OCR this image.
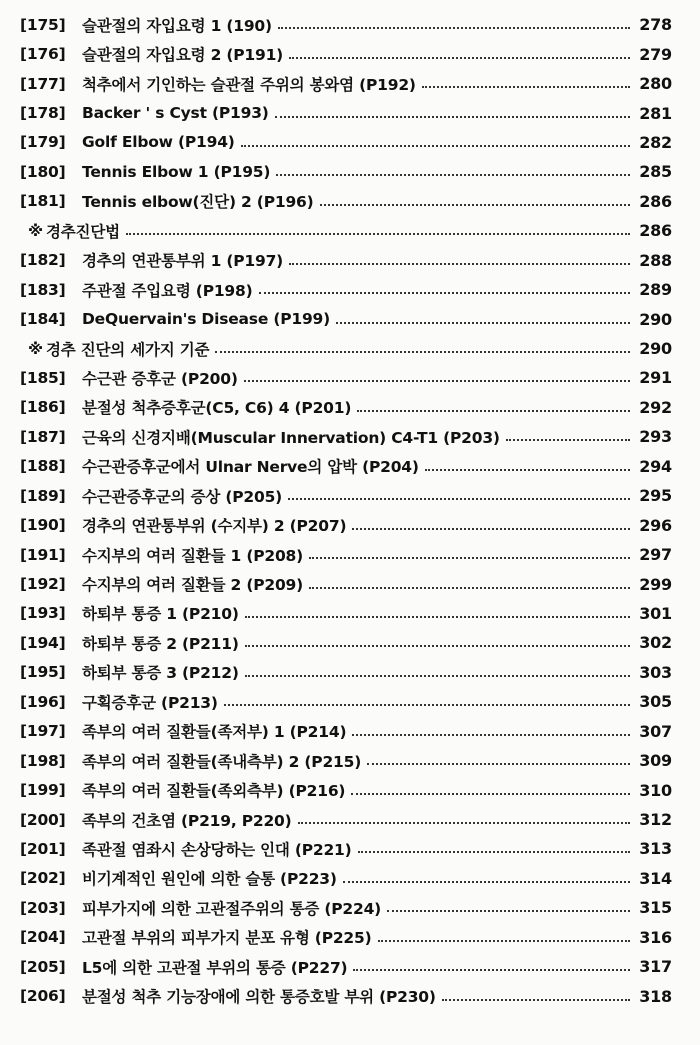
[175]	슬관절의 자입요령 1 (190)	278
[176]	슬관절의 자입요령 2 (P191)	279
[177]	척추에서 기인하는 슬관절 주위의 봉와염 (P192)	280
[178]	Backer ' s Cyst (P193)	281
[179]	Golf Elbow (P194)	282
[180]	Tennis Elbow 1 (P195)	285
[181]	Tennis elbow(진단) 2 (P196)	286
※ 경추진단법	286
[182]	경추의 연관통부위 1 (P197)	288
[183]	주관절 주입요령 (P198)	289
[184]	DeQuervain's Disease (P199)	290
※ 경추 진단의 세가지 기준	290
[185]	수근관 증후군 (P200)	291
[186]	분절성 척추증후군(C5, C6) 4 (P201)	292
[187]	근육의 신경지배(Muscular Innervation) C4-T1 (P203)	293
[188]	수근관증후군에서 Ulnar Nerve의 압박 (P204)	294
[189]	수근관증후군의 증상 (P205)	295
[190]	경추의 연관통부위 (수지부) 2 (P207)	296
[191]	수지부의 여러 질환들 1 (P208)	297
[192]	수지부의 여러 질환들 2 (P209)	299
[193]	하퇴부 통증 1 (P210)	301
[194]	하퇴부 통증 2 (P211)	302
[195]	하퇴부 통증 3 (P212)	303
[196]	구획증후군 (P213)	305
[197]	족부의 여러 질환들(족저부) 1 (P214)	307
[198]	족부의 여러 질환들(족내측부) 2 (P215)	309
[199]	족부의 여러 질환들(족외측부) (P216)	310
[200]	족부의 건초염 (P219, P220)	312
[201]	족관절 염좌시 손상당하는 인대 (P221)	313
[202]	비기계적인 원인에 의한 슬통 (P223)	314
[203]	피부가지에 의한 고관절주위의 통증 (P224)	315
[204]	고관절 부위의 피부가지 분포 유형 (P225)	316
[205]	L5에 의한 고관절 부위의 통증 (P227)	317
[206]	분절성 척추 기능장애에 의한 통증호발 부위 (P230)	318
